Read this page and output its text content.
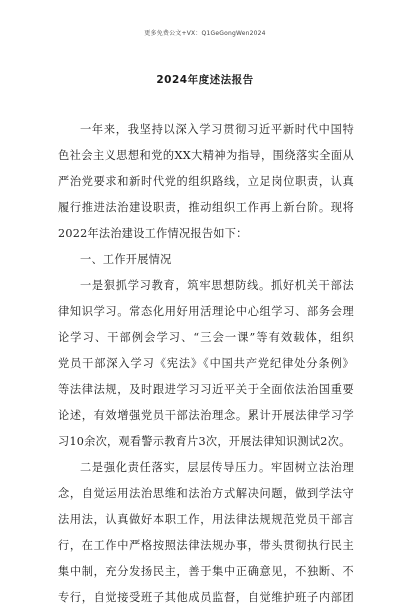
更多免费公文+VX：Q1GeGongWen2024
2024年度述法报告
一年来，我坚持以深入学习贯彻习近平新时代中国特
色社会主义思想和党的XX大精神为指导，围绕落实全面从
严治党要求和新时代党的组织路线，立足岗位职责，认真
履行推进法治建设职责，推动组织工作再上新台阶。现将
2022年法治建设工作情况报告如下：
一、工作开展情况
一是狠抓学习教育，筑牢思想防线。抓好机关干部法
律知识学习。常态化用好用活理论中心组学习、部务会理
论学习、干部例会学习、“三会一课”等有效载体，组织
党员干部深入学习《宪法》《中国共产党纪律处分条例》
等法律法规，及时跟进学习习近平关于全面依法治国重要
论述，有效增强党员干部法治理念。累计开展法律学习学
习10余次，观看警示教育片3次，开展法律知识测试2次。
二是强化责任落实，层层传导压力。牢固树立法治理
念，自觉运用法治思维和法治方式解决问题，做到学法守
法用法，认真做好本职工作，用法律法规规范党员干部言
行，在工作中严格按照法律法规办事，带头贯彻执行民主
集中制，充分发扬民主，善于集中正确意见，不独断、不
专行，自觉接受班子其他成员监督，自觉维护班子内部团
